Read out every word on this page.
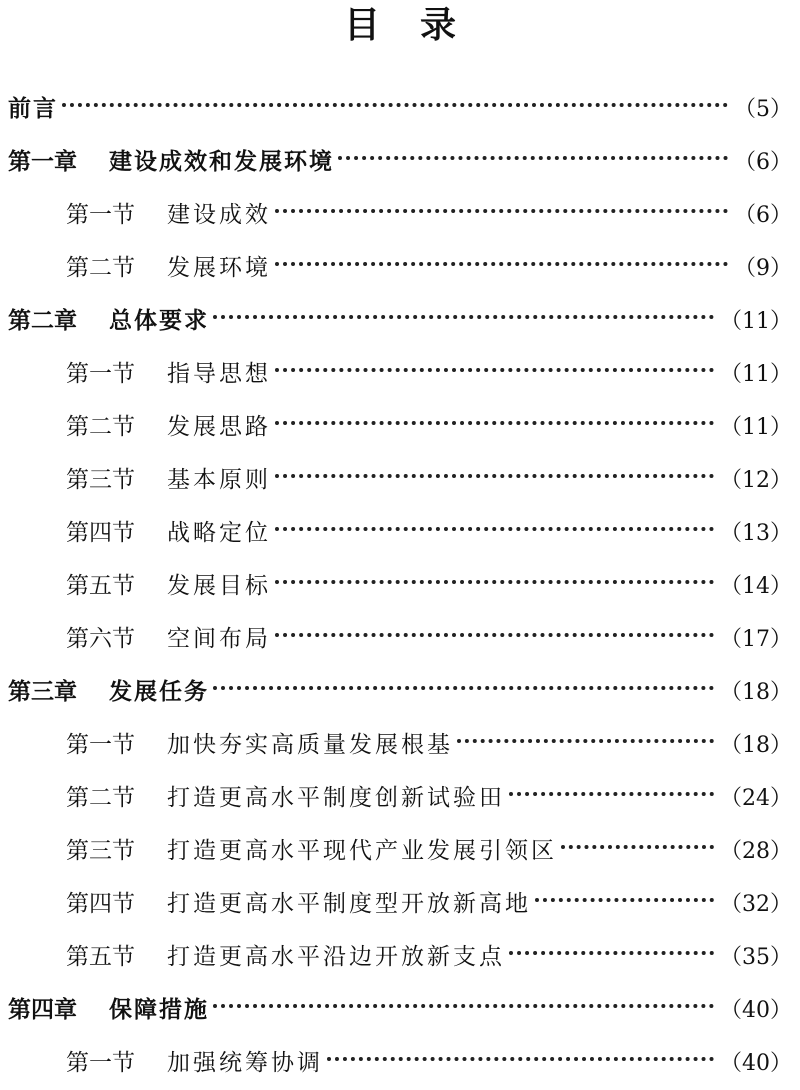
目录
前言	（5）
第一章 建设成效和发展环境	（6）
第一节 建设成效	（6）
第二节 发展环境	（9）
第二章 总体要求	（11）
第一节 指导思想	（11）
第二节 发展思路	（11）
第三节 基本原则	（12）
第四节 战略定位	（13）
第五节 发展目标	（14）
第六节 空间布局	（17）
第三章 发展任务	（18）
第一节 加快夯实高质量发展根基	（18）
第二节 打造更高水平制度创新试验田	（24）
第三节 打造更高水平现代产业发展引领区	（28）
第四节 打造更高水平制度型开放新高地	（32）
第五节 打造更高水平沿边开放新支点	（35）
第四章 保障措施	（40）
第一节 加强统筹协调	（40）
